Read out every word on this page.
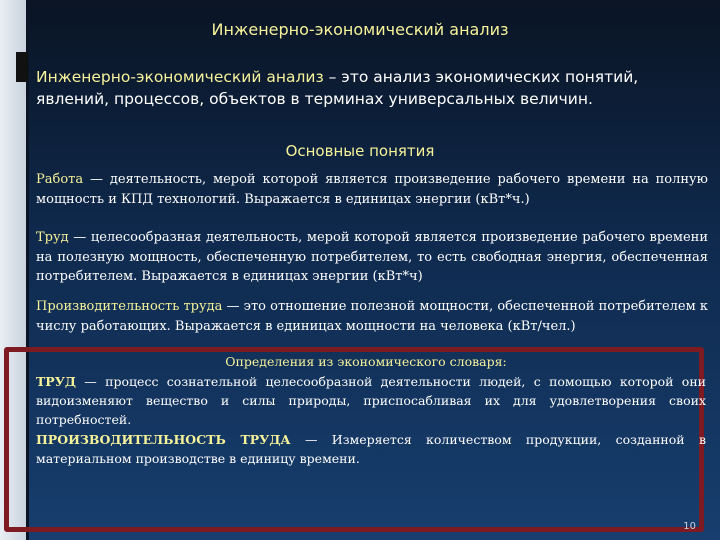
Инженерно-экономический анализ
Инженерно-экономический анализ – это анализ экономических понятий, явлений, процессов, объектов в терминах универсальных величин.
Основные понятия
Работа — деятельность, мерой которой является произведение рабочего времени на полную мощность и КПД технологий. Выражается в единицах энергии (кВт*ч.)
Труд — целесообразная деятельность, мерой которой является произведение рабочего времени на полезную мощность, обеспеченную потребителем, то есть свободная энергия, обеспеченная потребителем. Выражается в единицах энергии (кВт*ч)
Производительность труда — это отношение полезной мощности, обеспеченной потребителем к числу работающих. Выражается в единицах мощности на человека (кВт/чел.)
Определения из экономического словаря:
ТРУД — процесс сознательной целесообразной деятельности людей, с помощью которой они видоизменяют вещество и силы природы, приспосабливая их для удовлетворения своих потребностей.
ПРОИЗВОДИТЕЛЬНОСТЬ ТРУДА — Измеряется количеством продукции, созданной в материальном производстве в единицу времени.
10
